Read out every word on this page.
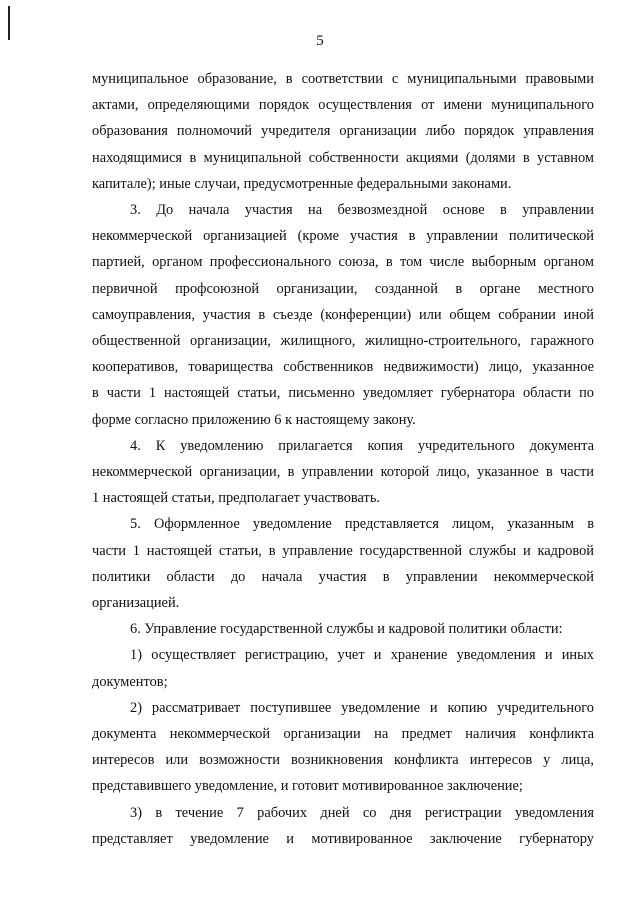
5
муниципальное образование, в соответствии с муниципальными правовыми
актами, определяющими порядок осуществления от имени муниципального
образования полномочий учредителя организации либо порядок управления
находящимися в муниципальной собственности акциями (долями в уставном
капитале); иные случаи, предусмотренные федеральными законами.
3. До начала участия на безвозмездной основе в управлении
некоммерческой организацией (кроме участия в управлении политической
партией, органом профессионального союза, в том числе выборным органом
первичной профсоюзной организации, созданной в органе местного
самоуправления, участия в съезде (конференции) или общем собрании иной
общественной организации, жилищного, жилищно-строительного, гаражного
кооперативов, товарищества собственников недвижимости) лицо, указанное
в части 1 настоящей статьи, письменно уведомляет губернатора области по
форме согласно приложению 6 к настоящему закону.
4. К уведомлению прилагается копия учредительного документа
некоммерческой организации, в управлении которой лицо, указанное в части
1 настоящей статьи, предполагает участвовать.
5. Оформленное уведомление представляется лицом, указанным в
части 1 настоящей статьи, в управление государственной службы и кадровой
политики области до начала участия в управлении некоммерческой
организацией.
6. Управление государственной службы и кадровой политики области:
1) осуществляет регистрацию, учет и хранение уведомления и иных
документов;
2) рассматривает поступившее уведомление и копию учредительного
документа некоммерческой организации на предмет наличия конфликта
интересов или возможности возникновения конфликта интересов у лица,
представившего уведомление, и готовит мотивированное заключение;
3) в течение 7 рабочих дней со дня регистрации уведомления
представляет уведомление и мотивированное заключение губернатору
